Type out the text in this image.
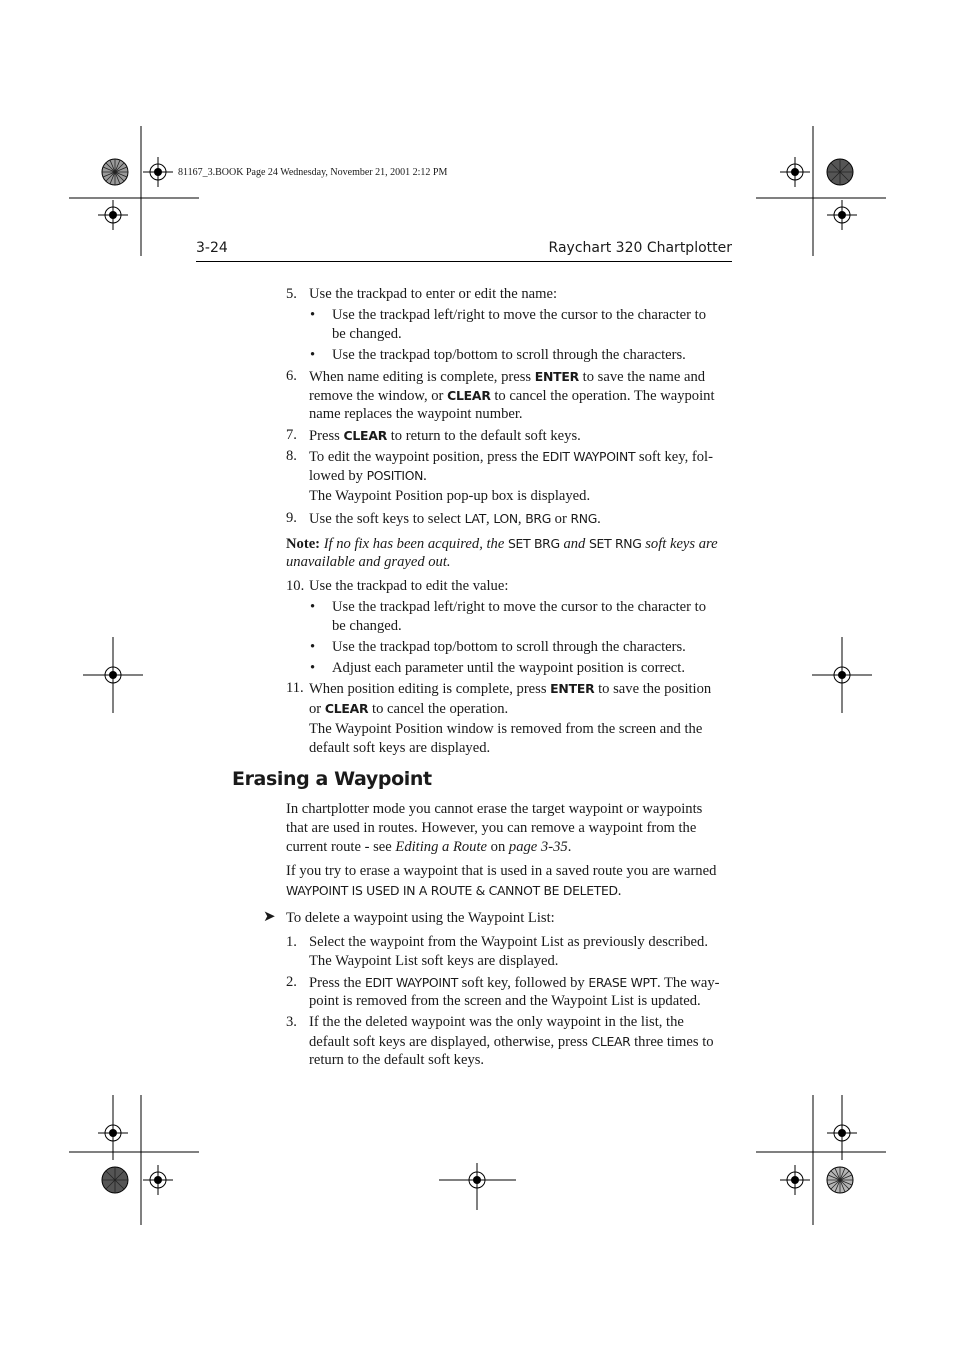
81167_3.BOOK Page 24 Wednesday, November 21, 2001 2:12 PM
3-24	Raychart 320 Chartplotter
5. Use the trackpad to enter or edit the name:
• Use the trackpad left/right to move the cursor to the character to
be changed.
• Use the trackpad top/bottom to scroll through the characters.
6. When name editing is complete, press ENTER to save the name and
remove the window, or CLEAR to cancel the operation. The waypoint
name replaces the waypoint number.
7. Press CLEAR to return to the default soft keys.
8. To edit the waypoint position, press the EDIT WAYPOINT soft key, fol-
lowed by POSITION.
The Waypoint Position pop-up box is displayed.
9. Use the soft keys to select LAT, LON, BRG or RNG.
Note: If no fix has been acquired, the SET BRG and SET RNG soft keys are
unavailable and grayed out.
10. Use the trackpad to edit the value:
• Use the trackpad left/right to move the cursor to the character to
be changed.
• Use the trackpad top/bottom to scroll through the characters.
• Adjust each parameter until the waypoint position is correct.
11. When position editing is complete, press ENTER to save the position
or CLEAR to cancel the operation.
The Waypoint Position window is removed from the screen and the
default soft keys are displayed.
Erasing a Waypoint
In chartplotter mode you cannot erase the target waypoint or waypoints
that are used in routes. However, you can remove a waypoint from the
current route - see Editing a Route on page 3-35.
If you try to erase a waypoint that is used in a saved route you are warned
WAYPOINT IS USED IN A ROUTE & CANNOT BE DELETED.
➤ To delete a waypoint using the Waypoint List:
1. Select the waypoint from the Waypoint List as previously described.
The Waypoint List soft keys are displayed.
2. Press the EDIT WAYPOINT soft key, followed by ERASE WPT. The way-
point is removed from the screen and the Waypoint List is updated.
3. If the the deleted waypoint was the only waypoint in the list, the
default soft keys are displayed, otherwise, press CLEAR three times to
return to the default soft keys.
